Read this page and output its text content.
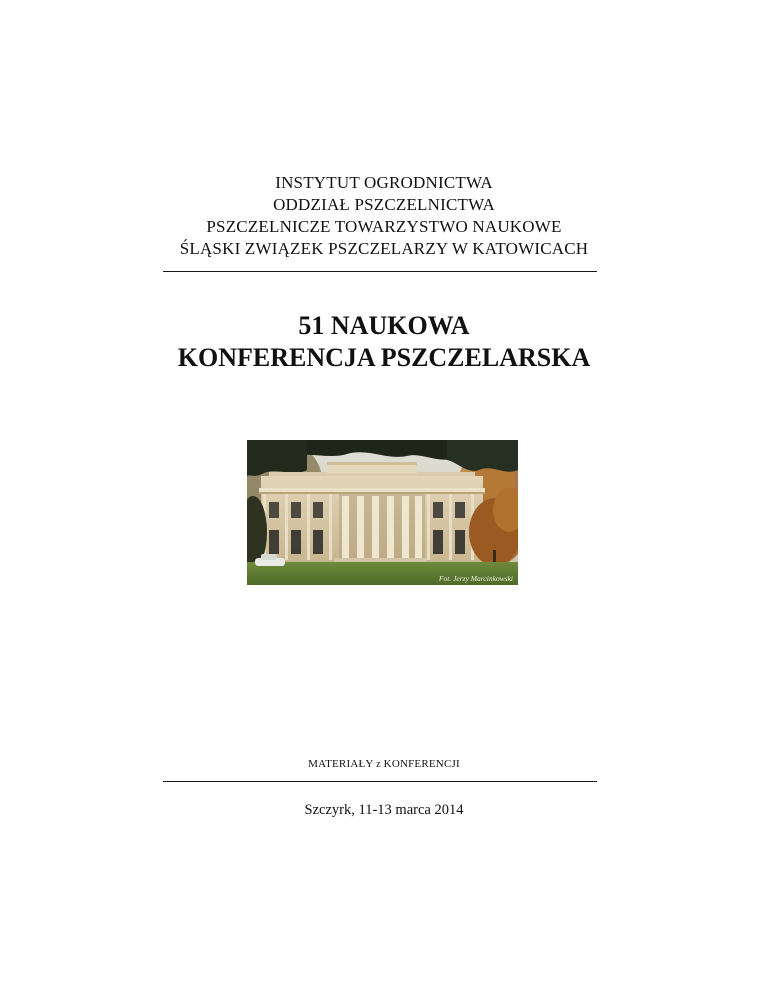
INSTYTUT OGRODNICTWA
ODDZIAŁ PSZCZELNICTWA
PSZCZELNICZE TOWARZYSTWO NAUKOWE
ŚLĄSKI ZWIĄZEK PSZCZELARZY W KATOWICACH
51 NAUKOWA
KONFERENCJA PSZCZELARSKA
Fot. Jerzy Marcinkowski
MATERIAŁY z KONFERENCJI
Szczyrk, 11-13 marca 2014
